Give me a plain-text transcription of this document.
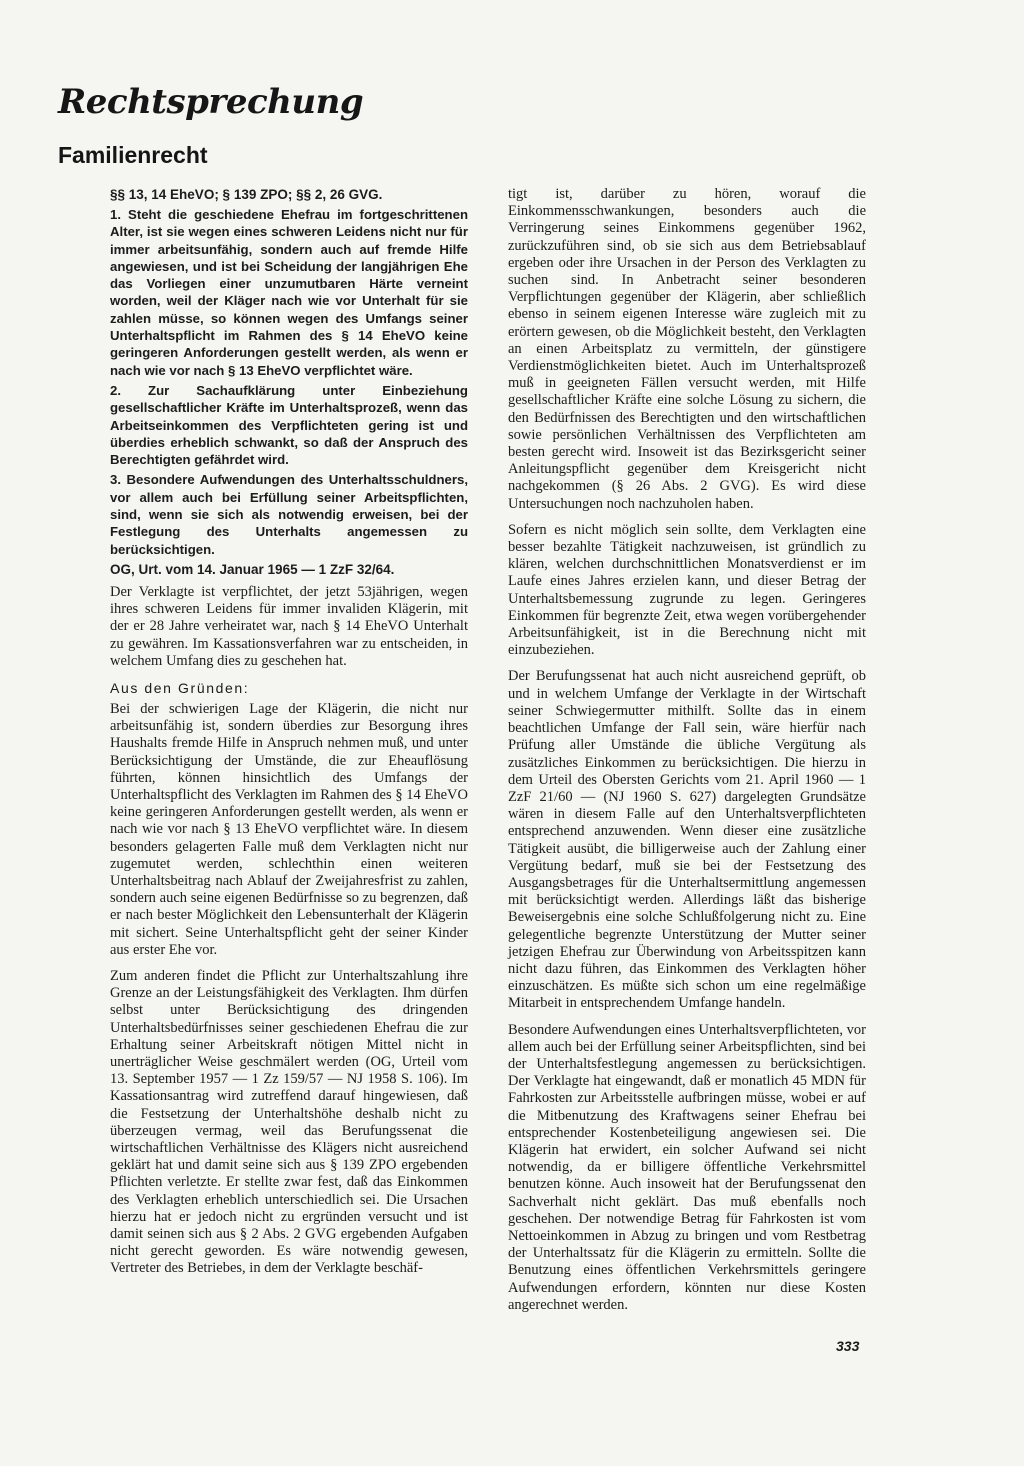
Rechtsprechung
Familienrecht

§§ 13, 14 EheVO; § 139 ZPO; §§ 2, 26 GVG.

1. Steht die geschiedene Ehefrau im fortgeschrittenen Alter, ist sie wegen eines schweren Leidens nicht nur für immer arbeitsunfähig, sondern auch auf fremde Hilfe angewiesen, und ist bei Scheidung der langjährigen Ehe das Vorliegen einer unzumutbaren Härte verneint worden, weil der Kläger nach wie vor Unterhalt für sie zahlen müsse, so können wegen des Umfangs seiner Unterhaltspflicht im Rahmen des § 14 EheVO keine geringeren Anforderungen gestellt werden, als wenn er nach wie vor nach § 13 EheVO verpflichtet wäre.

2. Zur Sachaufklärung unter Einbeziehung gesellschaftlicher Kräfte im Unterhaltsprozeß, wenn das Arbeitseinkommen des Verpflichteten gering ist und überdies erheblich schwankt, so daß der Anspruch des Berechtigten gefährdet wird.

3. Besondere Aufwendungen des Unterhaltsschuldners, vor allem auch bei Erfüllung seiner Arbeitspflichten, sind, wenn sie sich als notwendig erweisen, bei der Festlegung des Unterhalts angemessen zu berücksichtigen.

OG, Urt. vom 14. Januar 1965 — 1 ZzF 32/64.

Der Verklagte ist verpflichtet, der jetzt 53jährigen, wegen ihres schweren Leidens für immer invaliden Klägerin, mit der er 28 Jahre verheiratet war, nach § 14 EheVO Unterhalt zu gewähren. Im Kassationsverfahren war zu entscheiden, in welchem Umfang dies zu geschehen hat.

Aus den Gründen:

Bei der schwierigen Lage der Klägerin, die nicht nur arbeitsunfähig ist, sondern überdies zur Besorgung ihres Haushalts fremde Hilfe in Anspruch nehmen muß, und unter Berücksichtigung der Umstände, die zur Eheauflösung führten, können hinsichtlich des Umfangs der Unterhaltspflicht des Verklagten im Rahmen des § 14 EheVO keine geringeren Anforderungen gestellt werden, als wenn er nach wie vor nach § 13 EheVO verpflichtet wäre. In diesem besonders gelagerten Falle muß dem Verklagten nicht nur zugemutet werden, schlechthin einen weiteren Unterhaltsbeitrag nach Ablauf der Zweijahresfrist zu zahlen, sondern auch seine eigenen Bedürfnisse so zu begrenzen, daß er nach bester Möglichkeit den Lebensunterhalt der Klägerin mit sichert. Seine Unterhaltspflicht geht der seiner Kinder aus erster Ehe vor.

Zum anderen findet die Pflicht zur Unterhaltszahlung ihre Grenze an der Leistungsfähigkeit des Verklagten. Ihm dürfen selbst unter Berücksichtigung des dringenden Unterhaltsbedürfnisses seiner geschiedenen Ehefrau die zur Erhaltung seiner Arbeitskraft nötigen Mittel nicht in unerträglicher Weise geschmälert werden (OG, Urteil vom 13. September 1957 — 1 Zz 159/57 — NJ 1958 S. 106). Im Kassationsantrag wird zutreffend darauf hingewiesen, daß die Festsetzung der Unterhaltshöhe deshalb nicht zu überzeugen vermag, weil das Berufungssenat die wirtschaftlichen Verhältnisse des Klägers nicht ausreichend geklärt hat und damit seine sich aus § 139 ZPO ergebenden Pflichten verletzte. Er stellte zwar fest, daß das Einkommen des Verklagten erheblich unterschiedlich sei. Die Ursachen hierzu hat er jedoch nicht zu ergründen versucht und ist damit seinen sich aus § 2 Abs. 2 GVG ergebenden Aufgaben nicht gerecht geworden. Es wäre notwendig gewesen, Vertreter des Betriebes, in dem der Verklagte beschäf-

tigt ist, darüber zu hören, worauf die Einkommensschwankungen, besonders auch die Verringerung seines Einkommens gegenüber 1962, zurückzuführen sind, ob sie sich aus dem Betriebsablauf ergeben oder ihre Ursachen in der Person des Verklagten zu suchen sind. In Anbetracht seiner besonderen Verpflichtungen gegenüber der Klägerin, aber schließlich ebenso in seinem eigenen Interesse wäre zugleich mit zu erörtern gewesen, ob die Möglichkeit besteht, den Verklagten an einen Arbeitsplatz zu vermitteln, der günstigere Verdienstmöglichkeiten bietet. Auch im Unterhaltsprozeß muß in geeigneten Fällen versucht werden, mit Hilfe gesellschaftlicher Kräfte eine solche Lösung zu sichern, die den Bedürfnissen des Berechtigten und den wirtschaftlichen sowie persönlichen Verhältnissen des Verpflichteten am besten gerecht wird. Insoweit ist das Bezirksgericht seiner Anleitungspflicht gegenüber dem Kreisgericht nicht nachgekommen (§ 26 Abs. 2 GVG). Es wird diese Untersuchungen noch nachzuholen haben.

Sofern es nicht möglich sein sollte, dem Verklagten eine besser bezahlte Tätigkeit nachzuweisen, ist gründlich zu klären, welchen durchschnittlichen Monatsverdienst er im Laufe eines Jahres erzielen kann, und dieser Betrag der Unterhaltsbemessung zugrunde zu legen. Geringeres Einkommen für begrenzte Zeit, etwa wegen vorübergehender Arbeitsunfähigkeit, ist in die Berechnung nicht mit einzubeziehen.

Der Berufungssenat hat auch nicht ausreichend geprüft, ob und in welchem Umfange der Verklagte in der Wirtschaft seiner Schwiegermutter mithilft. Sollte das in einem beachtlichen Umfange der Fall sein, wäre hierfür nach Prüfung aller Umstände die übliche Vergütung als zusätzliches Einkommen zu berücksichtigen. Die hierzu in dem Urteil des Obersten Gerichts vom 21. April 1960 — 1 ZzF 21/60 — (NJ 1960 S. 627) dargelegten Grundsätze wären in diesem Falle auf den Unterhaltsverpflichteten entsprechend anzuwenden. Wenn dieser eine zusätzliche Tätigkeit ausübt, die billigerweise auch der Zahlung einer Vergütung bedarf, muß sie bei der Festsetzung des Ausgangsbetrages für die Unterhaltsermittlung angemessen mit berücksichtigt werden. Allerdings läßt das bisherige Beweisergebnis eine solche Schlußfolgerung nicht zu. Eine gelegentliche begrenzte Unterstützung der Mutter seiner jetzigen Ehefrau zur Überwindung von Arbeitsspitzen kann nicht dazu führen, das Einkommen des Verklagten höher einzuschätzen. Es müßte sich schon um eine regelmäßige Mitarbeit in entsprechendem Umfange handeln.

Besondere Aufwendungen eines Unterhaltsverpflichteten, vor allem auch bei der Erfüllung seiner Arbeitspflichten, sind bei der Unterhaltsfestlegung angemessen zu berücksichtigen. Der Verklagte hat eingewandt, daß er monatlich 45 MDN für Fahrkosten zur Arbeitsstelle aufbringen müsse, wobei er auf die Mitbenutzung des Kraftwagens seiner Ehefrau bei entsprechender Kostenbeteiligung angewiesen sei. Die Klägerin hat erwidert, ein solcher Aufwand sei nicht notwendig, da er billigere öffentliche Verkehrsmittel benutzen könne. Auch insoweit hat der Berufungssenat den Sachverhalt nicht geklärt. Das muß ebenfalls noch geschehen. Der notwendige Betrag für Fahrkosten ist vom Nettoeinkommen in Abzug zu bringen und vom Restbetrag der Unterhaltssatz für die Klägerin zu ermitteln. Sollte die Benutzung eines öffentlichen Verkehrsmittels geringere Aufwendungen erfordern, könnten nur diese Kosten angerechnet werden.

333
